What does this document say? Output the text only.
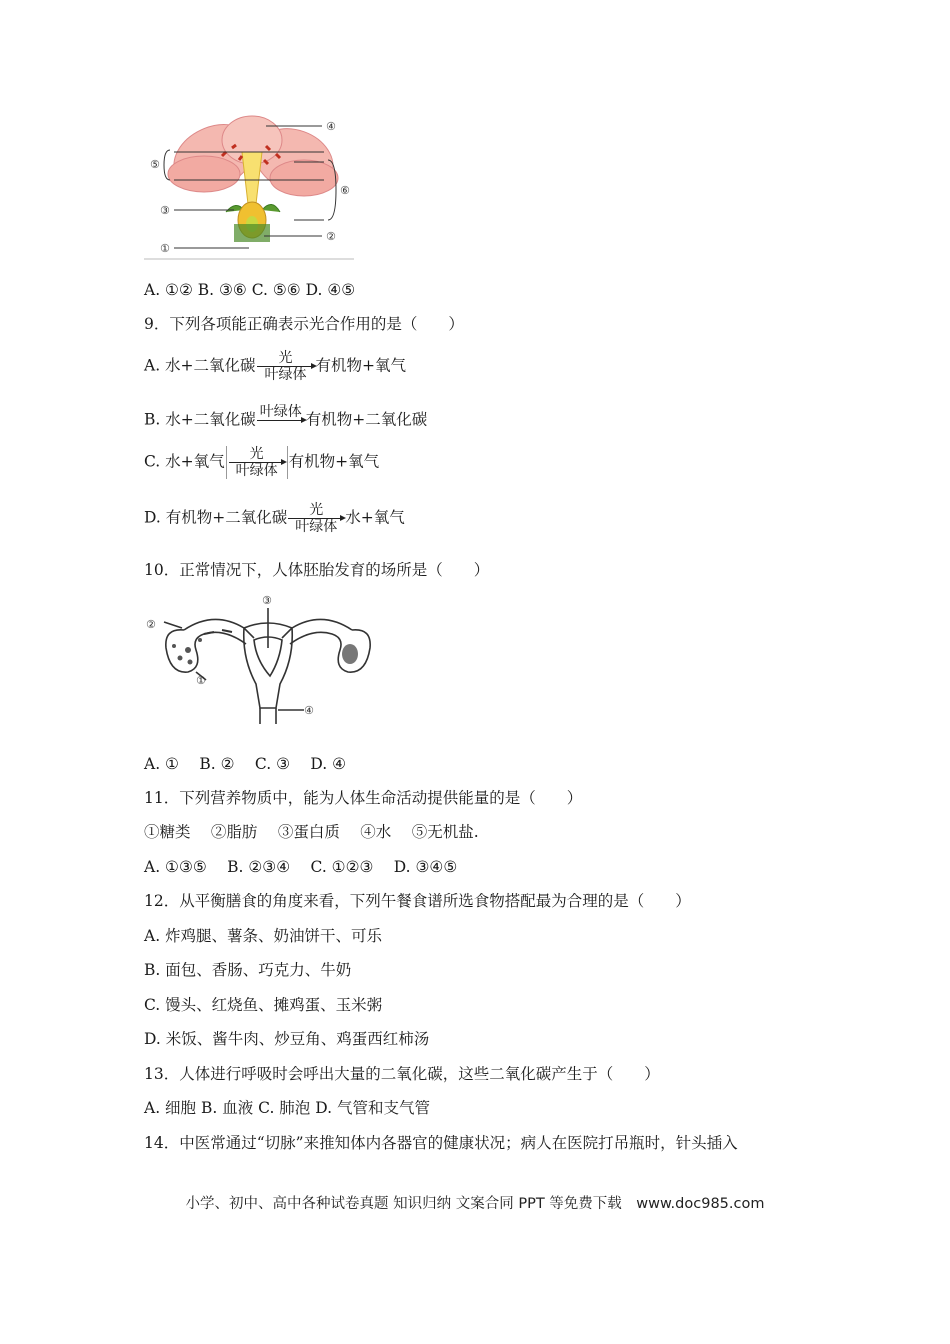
⑤
④
⑥
③
①
②
A. ①② B. ③⑥ C. ⑤⑥ D. ④⑤
9．下列各项能正确表示光合作用的是（　　）
A. 水+二氧化碳	光
叶绿体
有机物+氧气
B. 水+二氧化碳 叶绿体 有机物+二氧化碳
C. 水+氧气	光
叶绿体
有机物+氧气
D. 有机物+二氧化碳	光
叶绿体
水+氧气
10．正常情况下，人体胚胎发育的场所是（　　）
②
③
①
④
A. ①　 B. ②　 C. ③　 D. ④
11．下列营养物质中，能为人体生命活动提供能量的是（　　）
①糖类　 ②脂肪　 ③蛋白质　 ④水　 ⑤无机盐.
A. ①③⑤　 B. ②③④　 C. ①②③　 D. ③④⑤
12．从平衡膳食的角度来看，下列午餐食谱所选食物搭配最为合理的是（　　）
A. 炸鸡腿、薯条、奶油饼干、可乐
B. 面包、香肠、巧克力、牛奶
C. 馒头、红烧鱼、摊鸡蛋、玉米粥
D. 米饭、酱牛肉、炒豆角、鸡蛋西红柿汤
13．人体进行呼吸时会呼出大量的二氧化碳，这些二氧化碳产生于（　　）
A. 细胞 B. 血液 C. 肺泡 D. 气管和支气管
14．中医常通过“切脉”来推知体内各器官的健康状况；病人在医院打吊瓶时，针头插入
小学、初中、高中各种试卷真题 知识归纳 文案合同 PPT 等免费下载　www.doc985.com
